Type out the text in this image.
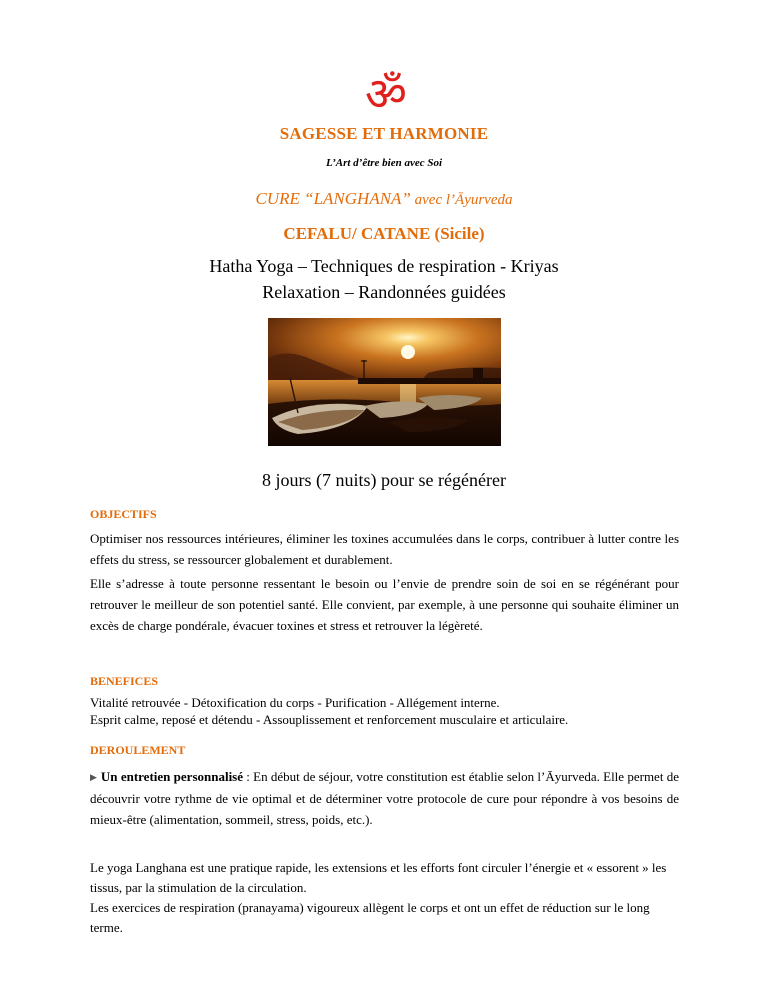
ॐ
SAGESSE ET HARMONIE
L’Art d’être bien avec Soi
CURE “LANGHANA” avec l’Āyurveda
CEFALU/ CATANE (Sicile)
Hatha Yoga – Techniques de respiration - Kriyas
Relaxation – Randonnées guidées
8 jours (7 nuits) pour se régénérer
OBJECTIFS

Optimiser nos ressources intérieures, éliminer les toxines accumulées dans le corps, contribuer à lutter contre les effets du stress, se ressourcer globalement et durablement.

Elle s’adresse à toute personne ressentant le besoin ou l’envie de prendre soin de soi en se régénérant pour retrouver le meilleur de son potentiel santé. Elle convient, par exemple, à une personne qui souhaite éliminer un excès de charge pondérale, évacuer toxines et stress et retrouver la légèreté.

BENEFICES

Vitalité retrouvée - Détoxification du corps - Purification - Allégement interne.

Esprit calme, reposé et détendu - Assouplissement et renforcement musculaire et articulaire.

DEROULEMENT

▶ Un entretien personnalisé : En début de séjour, votre constitution est établie selon l’Āyurveda. Elle permet de découvrir votre rythme de vie optimal et de déterminer votre protocole de cure pour répondre à vos besoins de mieux-être (alimentation, sommeil, stress, poids, etc.).

Le yoga Langhana est une pratique rapide, les extensions et les efforts font circuler l’énergie et « essorent » les tissus, par la stimulation de la circulation.

Les exercices de respiration (pranayama) vigoureux allègent le corps et ont un effet de réduction sur le long terme.
